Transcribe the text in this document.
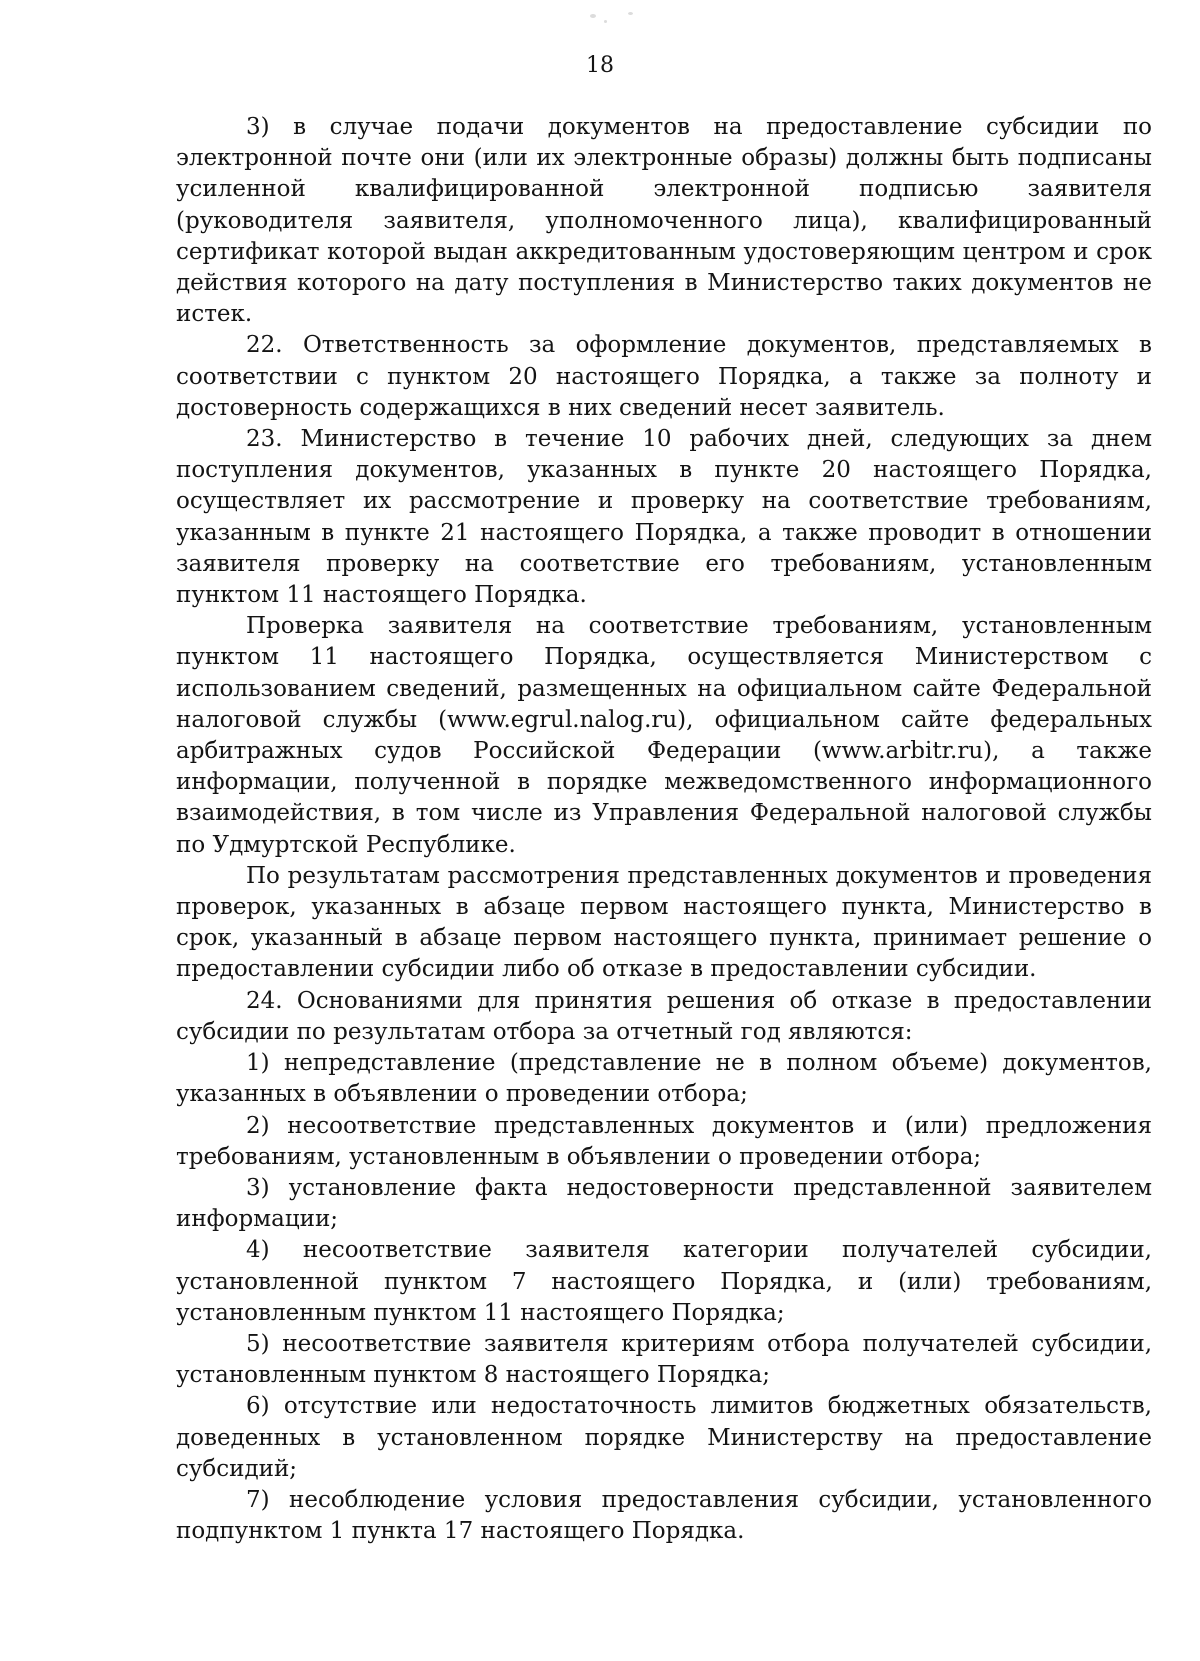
18

3) в случае подачи документов на предоставление субсидии по электронной почте они (или их электронные образы) должны быть подписаны усиленной квалифицированной электронной подписью заявителя (руководителя заявителя, уполномоченного лица), квалифицированный сертификат которой выдан аккредитованным удостоверяющим центром и срок действия которого на дату поступления в Министерство таких документов не истек.

22. Ответственность за оформление документов, представляемых в соответствии с пунктом 20 настоящего Порядка, а также за полноту и достоверность содержащихся в них сведений несет заявитель.

23. Министерство в течение 10 рабочих дней, следующих за днем поступления документов, указанных в пункте 20 настоящего Порядка, осуществляет их рассмотрение и проверку на соответствие требованиям, указанным в пункте 21 настоящего Порядка, а также проводит в отношении заявителя проверку на соответствие его требованиям, установленным пунктом 11 настоящего Порядка.

Проверка заявителя на соответствие требованиям, установленным пунктом 11 настоящего Порядка, осуществляется Министерством с использованием сведений, размещенных на официальном сайте Федеральной налоговой службы (www.egrul.nalog.ru), официальном сайте федеральных арбитражных судов Российской Федерации (www.arbitr.ru), а также информации, полученной в порядке межведомственного информационного взаимодействия, в том числе из Управления Федеральной налоговой службы по Удмуртской Республике.

По результатам рассмотрения представленных документов и проведения проверок, указанных в абзаце первом настоящего пункта, Министерство в срок, указанный в абзаце первом настоящего пункта, принимает решение о предоставлении субсидии либо об отказе в предоставлении субсидии.

24. Основаниями для принятия решения об отказе в предоставлении субсидии по результатам отбора за отчетный год являются:

1) непредставление (представление не в полном объеме) документов, указанных в объявлении о проведении отбора;

2) несоответствие представленных документов и (или) предложения требованиям, установленным в объявлении о проведении отбора;

3) установление факта недостоверности представленной заявителем информации;

4) несоответствие заявителя категории получателей субсидии, установленной пунктом 7 настоящего Порядка, и (или) требованиям, установленным пунктом 11 настоящего Порядка;

5) несоответствие заявителя критериям отбора получателей субсидии, установленным пунктом 8 настоящего Порядка;

6) отсутствие или недостаточность лимитов бюджетных обязательств, доведенных в установленном порядке Министерству на предоставление субсидий;

7) несоблюдение условия предоставления субсидии, установленного подпунктом 1 пункта 17 настоящего Порядка.
